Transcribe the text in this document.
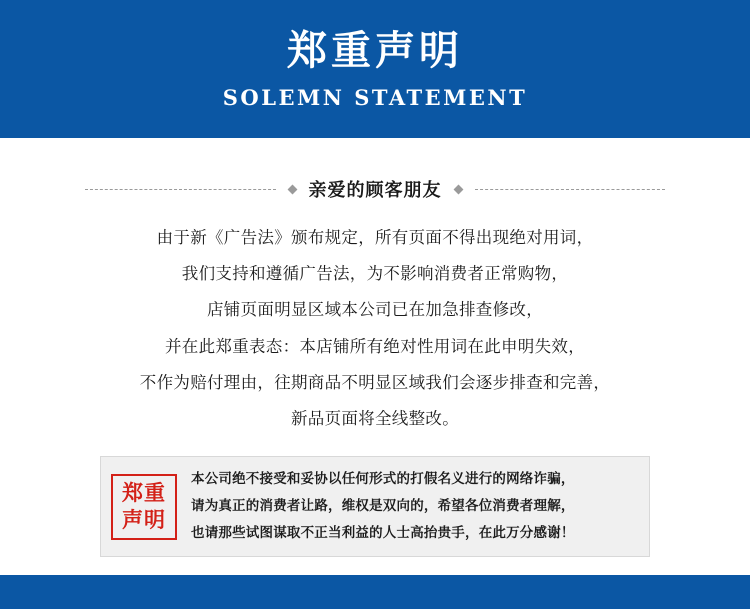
郑重声明
SOLEMN STATEMENT
亲爱的顾客朋友

由于新《广告法》颁布规定，所有页面不得出现绝对用词，

我们支持和遵循广告法，为不影响消费者正常购物，

店铺页面明显区域本公司已在加急排查修改，

并在此郑重表态：本店铺所有绝对性用词在此申明失效，

不作为赔付理由，往期商品不明显区域我们会逐步排查和完善，

新品页面将全线整改。

郑重
声明

本公司绝不接受和妥协以任何形式的打假名义进行的网络诈骗，

请为真正的消费者让路，维权是双向的，希望各位消费者理解，

也请那些试图谋取不正当利益的人士高抬贵手，在此万分感谢！
